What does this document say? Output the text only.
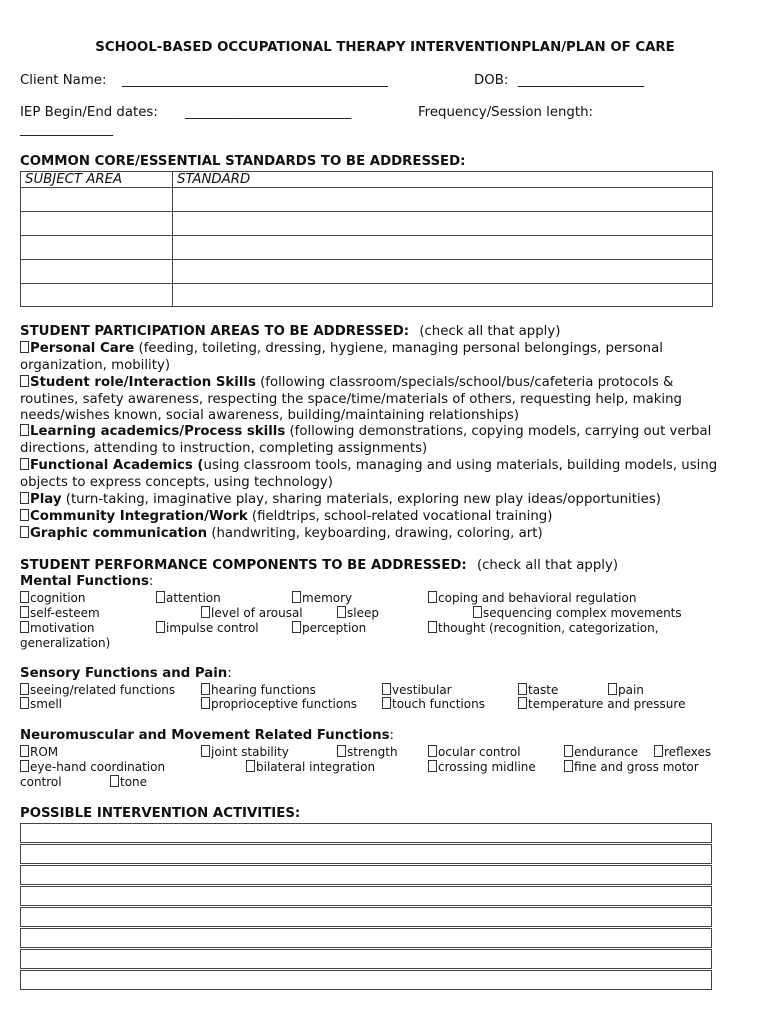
SCHOOL-BASED OCCUPATIONAL THERAPY INTERVENTIONPLAN/PLAN OF CARE
Client Name: ________________________________________	DOB: ___________________
IEP Begin/End dates: _________________________	Frequency/Session length:
______________
COMMON CORE/ESSENTIAL STANDARDS TO BE ADDRESSED:
SUBJECT AREA	STANDARD

STUDENT PARTICIPATION AREAS TO BE ADDRESSED: (check all that apply)
Personal Care (feeding, toileting, dressing, hygiene, managing personal belongings, personal organization, mobility)
Student role/Interaction Skills (following classroom/specials/school/bus/cafeteria protocols & routines, safety awareness, respecting the space/time/materials of others, requesting help, making needs/wishes known, social awareness, building/maintaining relationships)
Learning academics/Process skills (following demonstrations, copying models, carrying out verbal directions, attending to instruction, completing assignments)
Functional Academics (using classroom tools, managing and using materials, building models, using objects to express concepts, using technology)
Play (turn-taking, imaginative play, sharing materials, exploring new play ideas/opportunities)
Community Integration/Work (fieldtrips, school-related vocational training)
Graphic communication (handwriting, keyboarding, drawing, coloring, art)
STUDENT PERFORMANCE COMPONENTS TO BE ADDRESSED: (check all that apply)
Mental Functions:
cognition	attention	memory	coping and behavioral regulation
self-esteem	level of arousal	sleep	sequencing complex movements
motivation	impulse control	perception	thought (recognition, categorization,
generalization)
Sensory Functions and Pain:
seeing/related functions	hearing functions	vestibular	taste	pain
smell	proprioceptive functions	touch functions	temperature and pressure
Neuromuscular and Movement Related Functions:
ROM	joint stability	strength	ocular control	endurance	reflexes
eye-hand coordination	bilateral integration	crossing midline	fine and gross motor
control	tone
POSSIBLE INTERVENTION ACTIVITIES:
